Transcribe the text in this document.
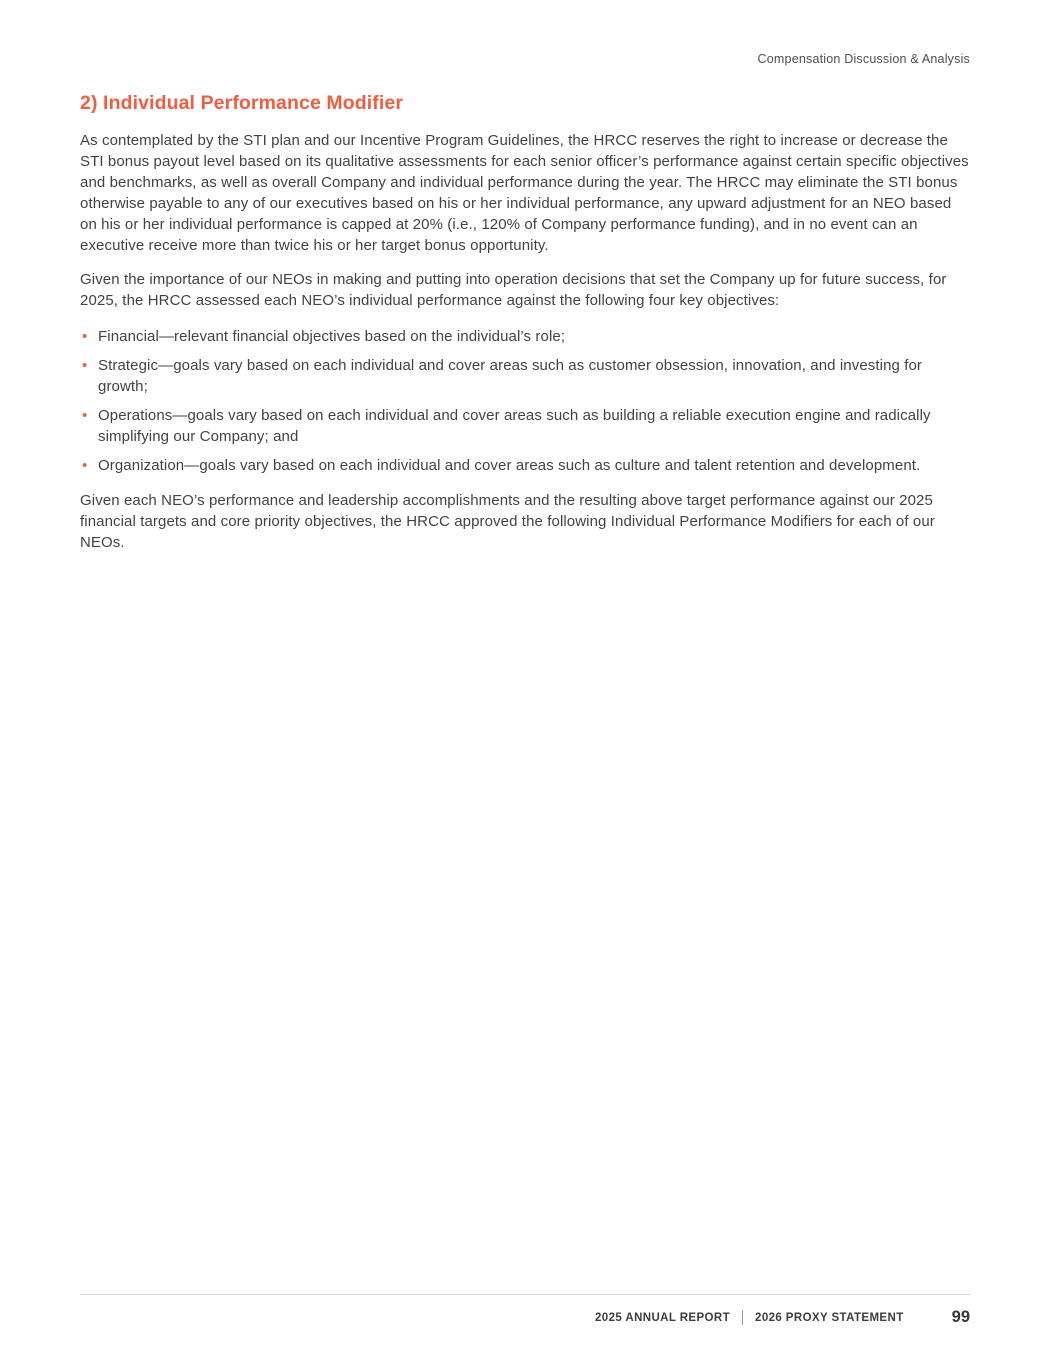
Compensation Discussion & Analysis
2) Individual Performance Modifier

As contemplated by the STI plan and our Incentive Program Guidelines, the HRCC reserves the right to increase or decrease the STI bonus payout level based on its qualitative assessments for each senior officer’s performance against certain specific objectives and benchmarks, as well as overall Company and individual performance during the year. The HRCC may eliminate the STI bonus otherwise payable to any of our executives based on his or her individual performance, any upward adjustment for an NEO based on his or her individual performance is capped at 20% (i.e., 120% of Company performance funding), and in no event can an executive receive more than twice his or her target bonus opportunity.

Given the importance of our NEOs in making and putting into operation decisions that set the Company up for future success, for 2025, the HRCC assessed each NEO’s individual performance against the following four key objectives:

• Financial—relevant financial objectives based on the individual’s role;
• Strategic—goals vary based on each individual and cover areas such as customer obsession, innovation, and investing for growth;
• Operations—goals vary based on each individual and cover areas such as building a reliable execution engine and radically simplifying our Company; and
• Organization—goals vary based on each individual and cover areas such as culture and talent retention and development.

Given each NEO’s performance and leadership accomplishments and the resulting above target performance against our 2025 financial targets and core priority objectives, the HRCC approved the following Individual Performance Modifiers for each of our NEOs.

2025 ANNUAL REPORT 2026 PROXY STATEMENT	99
